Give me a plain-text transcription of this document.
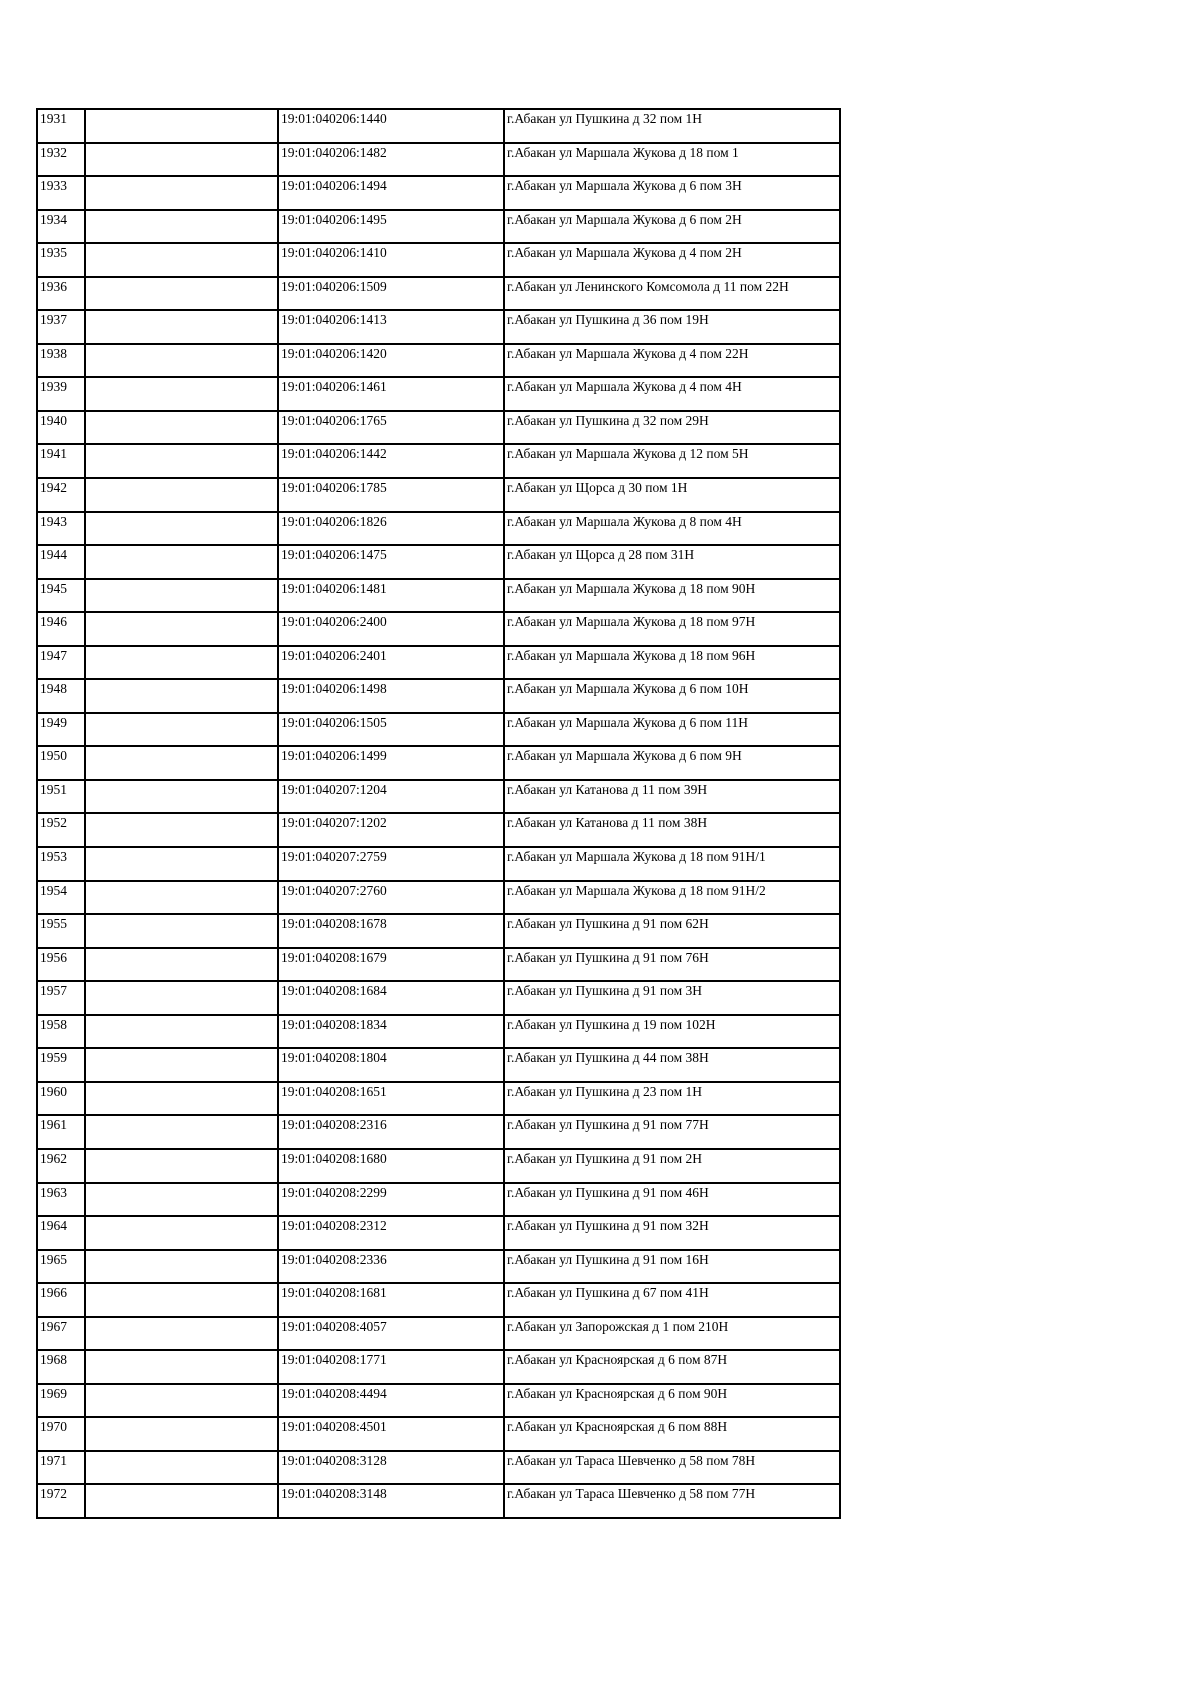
1931		19:01:040206:1440	г.Абакан ул Пушкина д 32 пом 1Н
1932		19:01:040206:1482	г.Абакан ул Маршала Жукова д 18 пом 1
1933		19:01:040206:1494	г.Абакан ул Маршала Жукова д 6 пом 3Н
1934		19:01:040206:1495	г.Абакан ул Маршала Жукова д 6 пом 2Н
1935		19:01:040206:1410	г.Абакан ул Маршала Жукова д 4 пом 2Н
1936		19:01:040206:1509	г.Абакан ул Ленинского Комсомола д 11 пом 22Н
1937		19:01:040206:1413	г.Абакан ул Пушкина д 36 пом 19Н
1938		19:01:040206:1420	г.Абакан ул Маршала Жукова д 4 пом 22Н
1939		19:01:040206:1461	г.Абакан ул Маршала Жукова д 4 пом 4Н
1940		19:01:040206:1765	г.Абакан ул Пушкина д 32 пом 29Н
1941		19:01:040206:1442	г.Абакан ул Маршала Жукова д 12 пом 5Н
1942		19:01:040206:1785	г.Абакан ул Щорса д 30 пом 1Н
1943		19:01:040206:1826	г.Абакан ул Маршала Жукова д 8 пом 4Н
1944		19:01:040206:1475	г.Абакан ул Щорса д 28 пом 31Н
1945		19:01:040206:1481	г.Абакан ул Маршала Жукова д 18 пом 90Н
1946		19:01:040206:2400	г.Абакан ул Маршала Жукова д 18 пом 97Н
1947		19:01:040206:2401	г.Абакан ул Маршала Жукова д 18 пом 96Н
1948		19:01:040206:1498	г.Абакан ул Маршала Жукова д 6 пом 10Н
1949		19:01:040206:1505	г.Абакан ул Маршала Жукова д 6 пом 11Н
1950		19:01:040206:1499	г.Абакан ул Маршала Жукова д 6 пом 9Н
1951		19:01:040207:1204	г.Абакан ул Катанова д 11 пом 39Н
1952		19:01:040207:1202	г.Абакан ул Катанова д 11 пом 38Н
1953		19:01:040207:2759	г.Абакан ул Маршала Жукова д 18 пом 91Н/1
1954		19:01:040207:2760	г.Абакан ул Маршала Жукова д 18 пом 91Н/2
1955		19:01:040208:1678	г.Абакан ул Пушкина д 91 пом 62Н
1956		19:01:040208:1679	г.Абакан ул Пушкина д 91 пом 76Н
1957		19:01:040208:1684	г.Абакан ул Пушкина д 91 пом 3Н
1958		19:01:040208:1834	г.Абакан ул Пушкина д 19 пом 102Н
1959		19:01:040208:1804	г.Абакан ул Пушкина д 44 пом 38Н
1960		19:01:040208:1651	г.Абакан ул Пушкина д 23 пом 1Н
1961		19:01:040208:2316	г.Абакан ул Пушкина д 91 пом 77Н
1962		19:01:040208:1680	г.Абакан ул Пушкина д 91 пом 2Н
1963		19:01:040208:2299	г.Абакан ул Пушкина д 91 пом 46Н
1964		19:01:040208:2312	г.Абакан ул Пушкина д 91 пом 32Н
1965		19:01:040208:2336	г.Абакан ул Пушкина д 91 пом 16Н
1966		19:01:040208:1681	г.Абакан ул Пушкина д 67 пом 41Н
1967		19:01:040208:4057	г.Абакан ул Запорожская д 1 пом 210Н
1968		19:01:040208:1771	г.Абакан ул Красноярская д 6 пом 87Н
1969		19:01:040208:4494	г.Абакан ул Красноярская д 6 пом 90Н
1970		19:01:040208:4501	г.Абакан ул Красноярская д 6 пом 88Н
1971		19:01:040208:3128	г.Абакан ул Тараса Шевченко д 58 пом 78Н
1972		19:01:040208:3148	г.Абакан ул Тараса Шевченко д 58 пом 77Н
